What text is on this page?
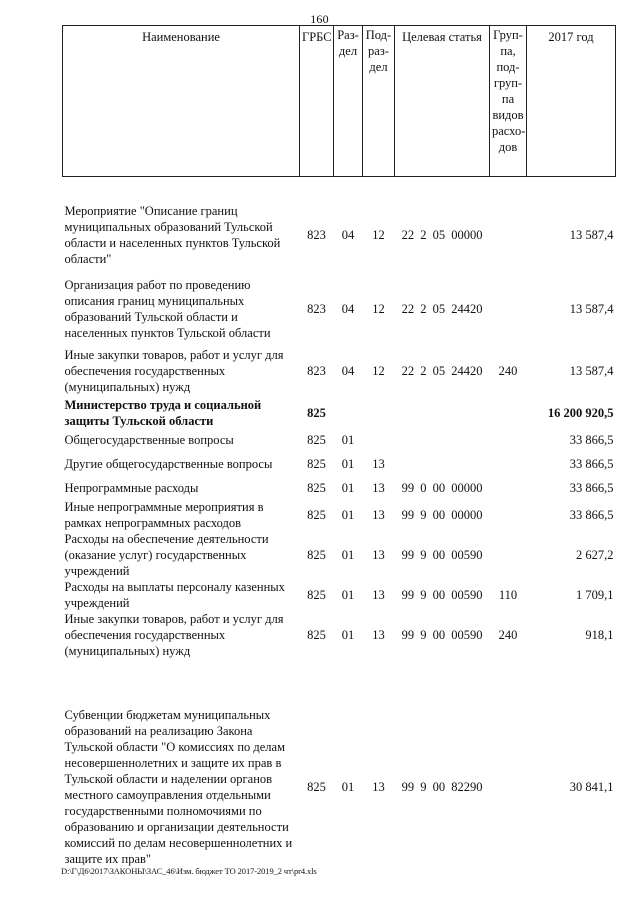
160
Наименование	ГРБС	Раз-дел	Под-раз-дел	Целевая статья	Груп-па, под-груп-па видов расхо-дов	2017 год
Мероприятие "Описание границ муниципальных образований Тульской области и населенных пунктов Тульской области"	823	04	12	22 2 05 00000		13 587,4
Организация работ по проведению описания границ муниципальных образований Тульской области и населенных пунктов Тульской области	823	04	12	22 2 05 24420		13 587,4
Иные закупки товаров, работ и услуг для обеспечения государственных (муниципальных) нужд	823	04	12	22 2 05 24420	240	13 587,4
Министерство труда и социальной защиты Тульской области	825					16 200 920,5
Общегосударственные вопросы	825	01				33 866,5
Другие общегосударственные вопросы	825	01	13			33 866,5
Непрограммные расходы	825	01	13	99 0 00 00000		33 866,5
Иные непрограммные мероприятия в рамках непрограммных расходов	825	01	13	99 9 00 00000		33 866,5
Расходы на обеспечение деятельности (оказание услуг) государственных учреждений	825	01	13	99 9 00 00590		2 627,2
Расходы на выплаты персоналу казенных учреждений	825	01	13	99 9 00 00590	110	1 709,1
Иные закупки товаров, работ и услуг для обеспечения государственных (муниципальных) нужд	825	01	13	99 9 00 00590	240	918,1
Субвенции бюджетам муниципальных образований на реализацию Закона Тульской области "О комиссиях по делам несовершеннолетних и защите их прав в Тульской области и наделении органов местного самоуправления отдельными государственными полномочиями по образованию и организации деятельности комиссий по делам несовершеннолетних и защите их прав"	825	01	13	99 9 00 82290		30 841,1
D:\Г\Д6\2017\ЗАКОНЫ\ЗАС_46\Изм. бюджет ТО 2017-2019_2 чт\pr4.xls
